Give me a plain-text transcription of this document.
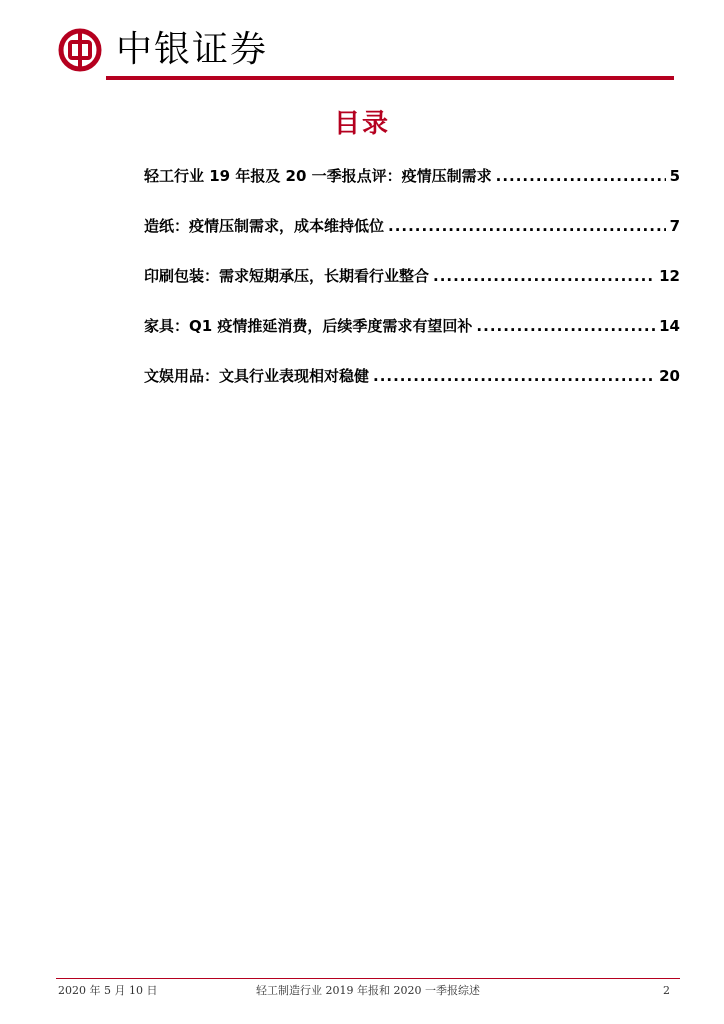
中银证券
目录
轻工行业 19 年报及 20 一季报点评：疫情压制需求 .....	5
造纸：疫情压制需求，成本维持低位 .....	7
印刷包装：需求短期承压，长期看行业整合 .....	12
家具：Q1 疫情推延消费，后续季度需求有望回补 .....	14
文娱用品：文具行业表现相对稳健 .....	20
2020 年 5 月 10 日	轻工制造行业 2019 年报和 2020 一季报综述	2
